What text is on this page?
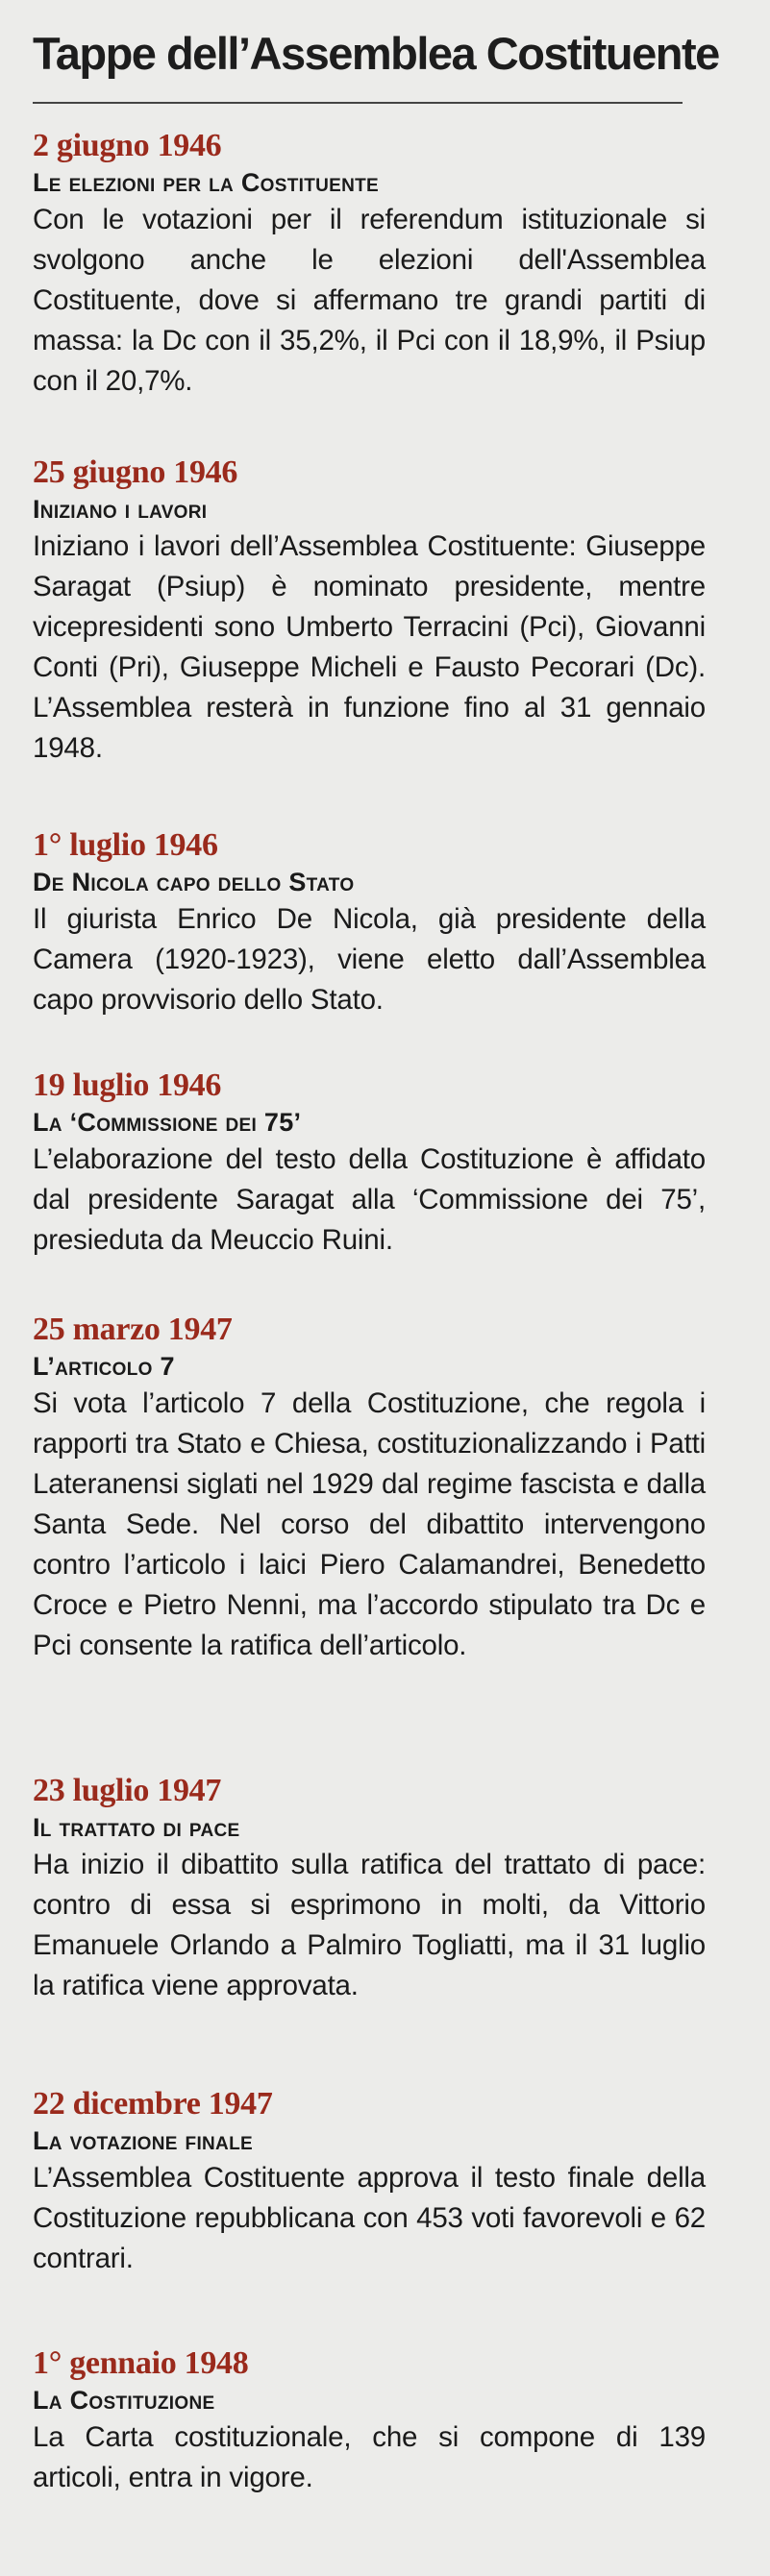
Tappe dell’Assemblea Costituente
2 giugno 1946
Le elezioni per la Costituente
Con le votazioni per il referendum istituzionale si svolgono anche le elezioni dell'Assemblea Costituente, dove si affermano tre grandi partiti di massa: la Dc con il 35,2%, il Pci con il 18,9%, il Psiup con il 20,7%.
25 giugno 1946
Iniziano i lavori
Iniziano i lavori dell’Assemblea Costituente: Giuseppe Saragat (Psiup) è nominato presidente, mentre vicepresidenti sono Umberto Terracini (Pci), Giovanni Conti (Pri), Giuseppe Micheli e Fausto Pecorari (Dc). L’Assemblea resterà in funzione fino al 31 gennaio 1948.
1° luglio 1946
De Nicola capo dello Stato
Il giurista Enrico De Nicola, già presidente della Camera (1920-1923), viene eletto dall’Assemblea capo provvisorio dello Stato.
19 luglio 1946
La ‘Commissione dei 75’
L’elaborazione del testo della Costituzione è affidato dal presidente Saragat alla ‘Commissione dei 75’, presieduta da Meuccio Ruini.
25 marzo 1947
L’articolo 7
Si vota l’articolo 7 della Costituzione, che regola i rapporti tra Stato e Chiesa, costituzionalizzando i Patti Lateranensi siglati nel 1929 dal regime fascista e dalla Santa Sede. Nel corso del dibattito intervengono contro l’articolo i laici Piero Calamandrei, Benedetto Croce e Pietro Nenni, ma l’accordo stipulato tra Dc e Pci consente la ratifica dell’articolo.
23 luglio 1947
Il trattato di pace
Ha inizio il dibattito sulla ratifica del trattato di pace: contro di essa si esprimono in molti, da Vittorio Emanuele Orlando a Palmiro Togliatti, ma il 31 luglio la ratifica viene approvata.
22 dicembre 1947
La votazione finale
L’Assemblea Costituente approva il testo finale della Costituzione repubblicana con 453 voti favorevoli e 62 contrari.
1° gennaio 1948
La Costituzione
La Carta costituzionale, che si compone di 139 articoli, entra in vigore.
